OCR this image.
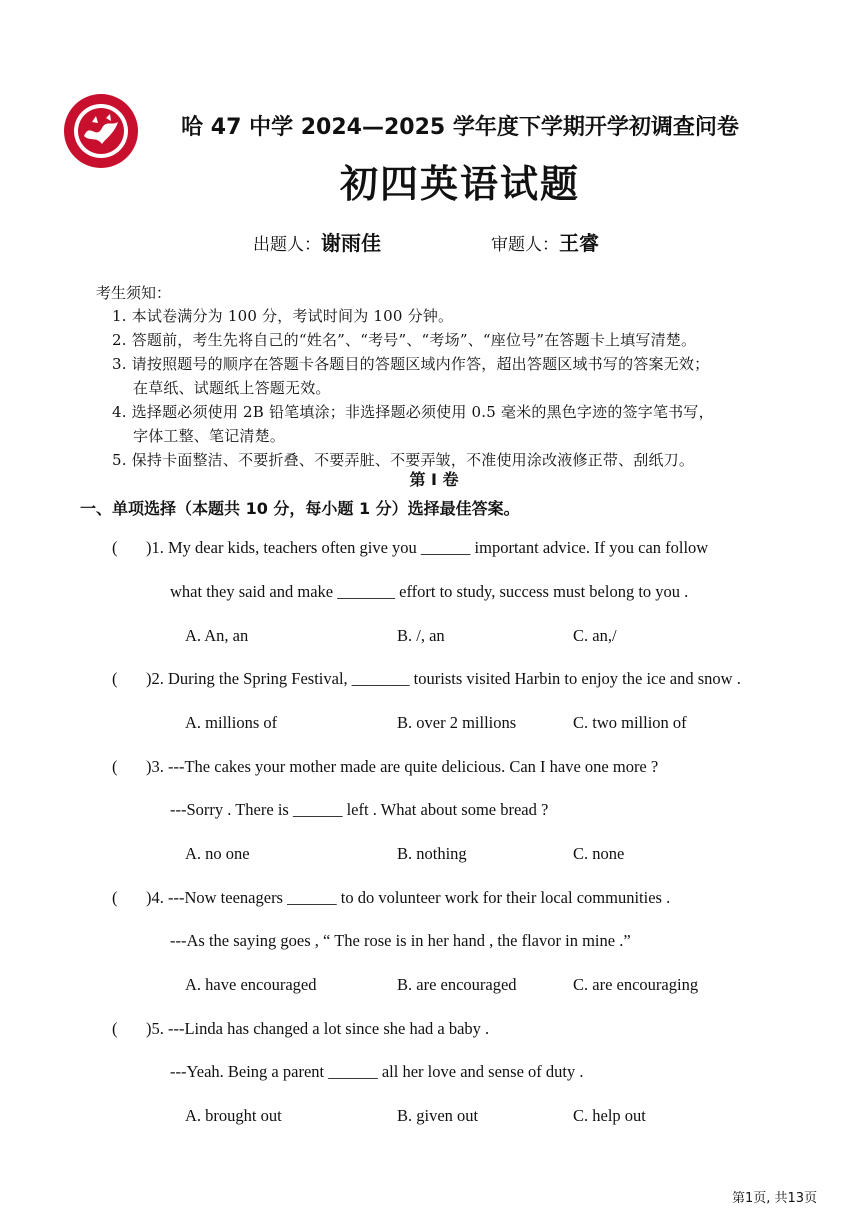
1968
哈 47 中学 2024—2025 学年度下学期开学初调查问卷
初四英语试题
出题人：谢雨佳	审题人：王睿
考生须知：
1. 本试卷满分为 100 分，考试时间为 100 分钟。
2. 答题前，考生先将自己的“姓名”、“考号”、“考场”、“座位号”在答题卡上填写清楚。
3. 请按照题号的顺序在答题卡各题目的答题区域内作答，超出答题区域书写的答案无效；
在草纸、试题纸上答题无效。
4. 选择题必须使用 2B 铅笔填涂；非选择题必须使用 0.5 毫米的黑色字迹的签字笔书写，
字体工整、笔记清楚。
5. 保持卡面整洁、不要折叠、不要弄脏、不要弄皱，不准使用涂改液修正带、刮纸刀。
第 I 卷
一、单项选择（本题共 10 分，每小题 1 分）选择最佳答案。
( )1. My dear kids, teachers often give you ______ important advice. If you can follow
what they said and make _______ effort to study, success must belong to you .
A. An, an	B. /, an	C. an,/
( )2. During the Spring Festival, _______ tourists visited Harbin to enjoy the ice and snow .
A. millions of	B. over 2 millions	C. two million of
( )3. ---The cakes your mother made are quite delicious. Can I have one more ?
---Sorry . There is ______ left . What about some bread ?
A. no one	B. nothing	C. none
( )4. ---Now teenagers ______ to do volunteer work for their local communities .
---As the saying goes , “ The rose is in her hand , the flavor in mine .”
A. have encouraged	B. are encouraged	C. are encouraging
( )5. ---Linda has changed a lot since she had a baby .
---Yeah. Being a parent ______ all her love and sense of duty .
A. brought out	B. given out	C. help out
第1页, 共13页
